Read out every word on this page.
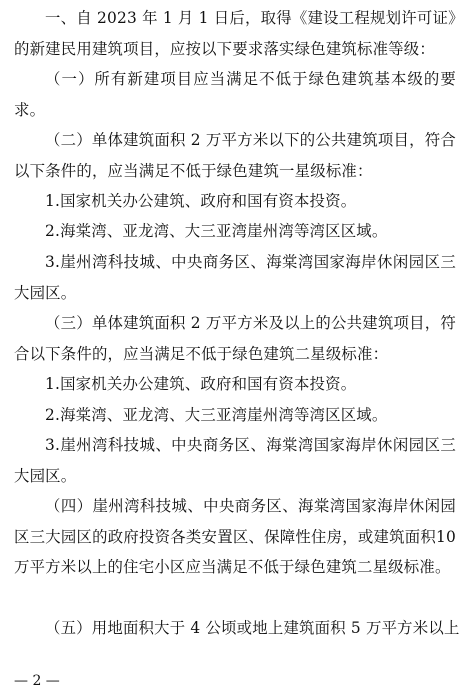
一、自 2023 年 1 月 1 日后，取得《建设工程规划许可证》的新建民用建筑项目，应按以下要求落实绿色建筑标准等级：
（一）所有新建项目应当满足不低于绿色建筑基本级的要求。
（二）单体建筑面积 2 万平方米以下的公共建筑项目，符合以下条件的，应当满足不低于绿色建筑一星级标准：
1.国家机关办公建筑、政府和国有资本投资。
2.海棠湾、亚龙湾、大三亚湾崖州湾等湾区区域。
3.崖州湾科技城、中央商务区、海棠湾国家海岸休闲园区三大园区。
（三）单体建筑面积 2 万平方米及以上的公共建筑项目，符合以下条件的，应当满足不低于绿色建筑二星级标准：
1.国家机关办公建筑、政府和国有资本投资。
2.海棠湾、亚龙湾、大三亚湾崖州湾等湾区区域。
3.崖州湾科技城、中央商务区、海棠湾国家海岸休闲园区三大园区。
（四）崖州湾科技城、中央商务区、海棠湾国家海岸休闲园区三大园区的政府投资各类安置区、保障性住房，或建筑面积10 万平方米以上的住宅小区应当满足不低于绿色建筑二星级标准。
（五）用地面积大于 4 公顷或地上建筑面积 5 万平方米以上
— 2 —
